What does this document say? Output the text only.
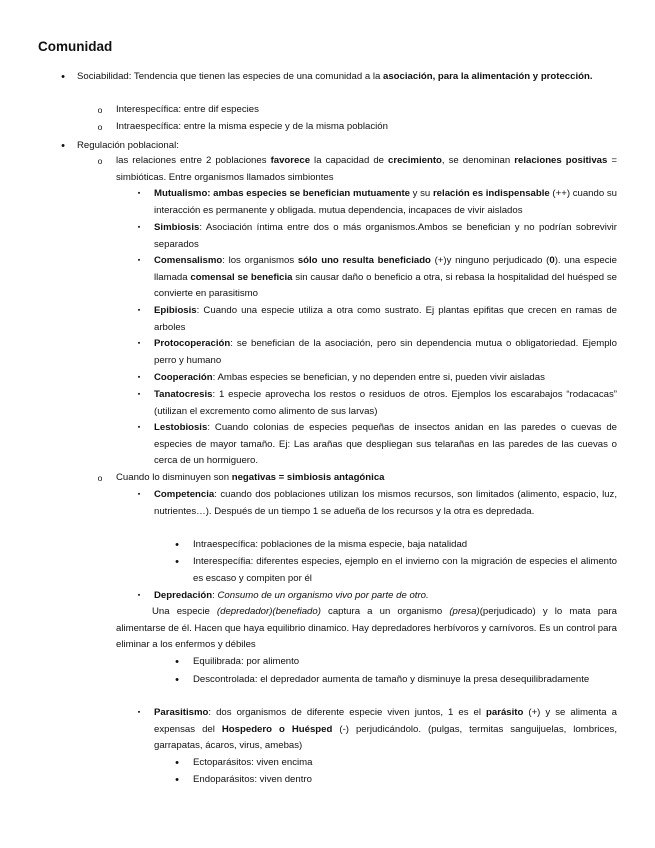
Comunidad
•	Sociabilidad: Tendencia que tienen las especies de una comunidad a la asociación, para la alimentación y protección.
o Interespecífica: entre dif especies
o Intraespecífica: entre la misma especie y de la misma población
•	Regulación poblacional:
o las relaciones entre 2 poblaciones favorece la capacidad de crecimiento, se denominan relaciones positivas = simbióticas. Entre organismos llamados simbiontes
▪	Mutualismo: ambas especies se benefician mutuamente y su relación es indispensable (++) cuando su interacción es permanente y obligada. mutua dependencia, incapaces de vivir aislados
▪	Simbiosis: Asociación íntima entre dos o más organismos.Ambos se benefician y no podrían sobrevivir separados
▪	Comensalismo: los organismos sólo uno resulta beneficiado (+)y ninguno perjudicado (0). una especie llamada comensal se beneficia sin causar daño o beneficio a otra, si rebasa la hospitalidad del huésped se convierte en parasitismo
▪	Epibiosis: Cuando una especie utiliza a otra como sustrato. Ej plantas epifitas que crecen en ramas de arboles
▪	Protocoperación: se benefician de la asociación, pero sin dependencia mutua o obligatoriedad. Ejemplo perro y humano
▪	Cooperación: Ambas especies se benefician, y no dependen entre si, pueden vivir aisladas
▪	Tanatocresis: 1 especie aprovecha los restos o residuos de otros. Ejemplos los escarabajos “rodacacas” (utilizan el excremento como alimento de sus larvas)
▪	Lestobiosis: Cuando colonias de especies pequeñas de insectos anidan en las paredes o cuevas de especies de mayor tamaño. Ej: Las arañas que despliegan sus telarañas en las paredes de las cuevas o cerca de un hormiguero.
o Cuando lo disminuyen son negativas = simbiosis antagónica
▪	Competencia: cuando dos poblaciones utilizan los mismos recursos, son limitados (alimento, espacio, luz, nutrientes…). Después de un tiempo 1 se adueña de los recursos y la otra es depredada.
•	Intraespecífica: poblaciones de la misma especie, baja natalidad
•	Interespecífia: diferentes especies, ejemplo en el invierno con la migración de especies el alimento es escaso y compiten por él
▪	Depredación: Consumo de un organismo vivo por parte de otro.
Una especie (depredador)(benefiado) captura a un organismo (presa)(perjudicado) y lo mata para alimentarse de él. Hacen que haya equilibrio dinamico. Hay depredadores herbívoros y carnívoros. Es un control para eliminar a los enfermos y débiles
•	Equilibrada: por alimento
•	Descontrolada: el depredador aumenta de tamaño y disminuye la presa desequilibradamente
▪	Parasitismo: dos organismos de diferente especie viven juntos, 1 es el parásito (+) y se alimenta a expensas del Hospedero o Huésped (-) perjudicándolo. (pulgas, termitas sanguijuelas, lombrices, garrapatas, ácaros, virus, amebas)
•	Ectoparásitos: viven encima
•	Endoparásitos: viven dentro
